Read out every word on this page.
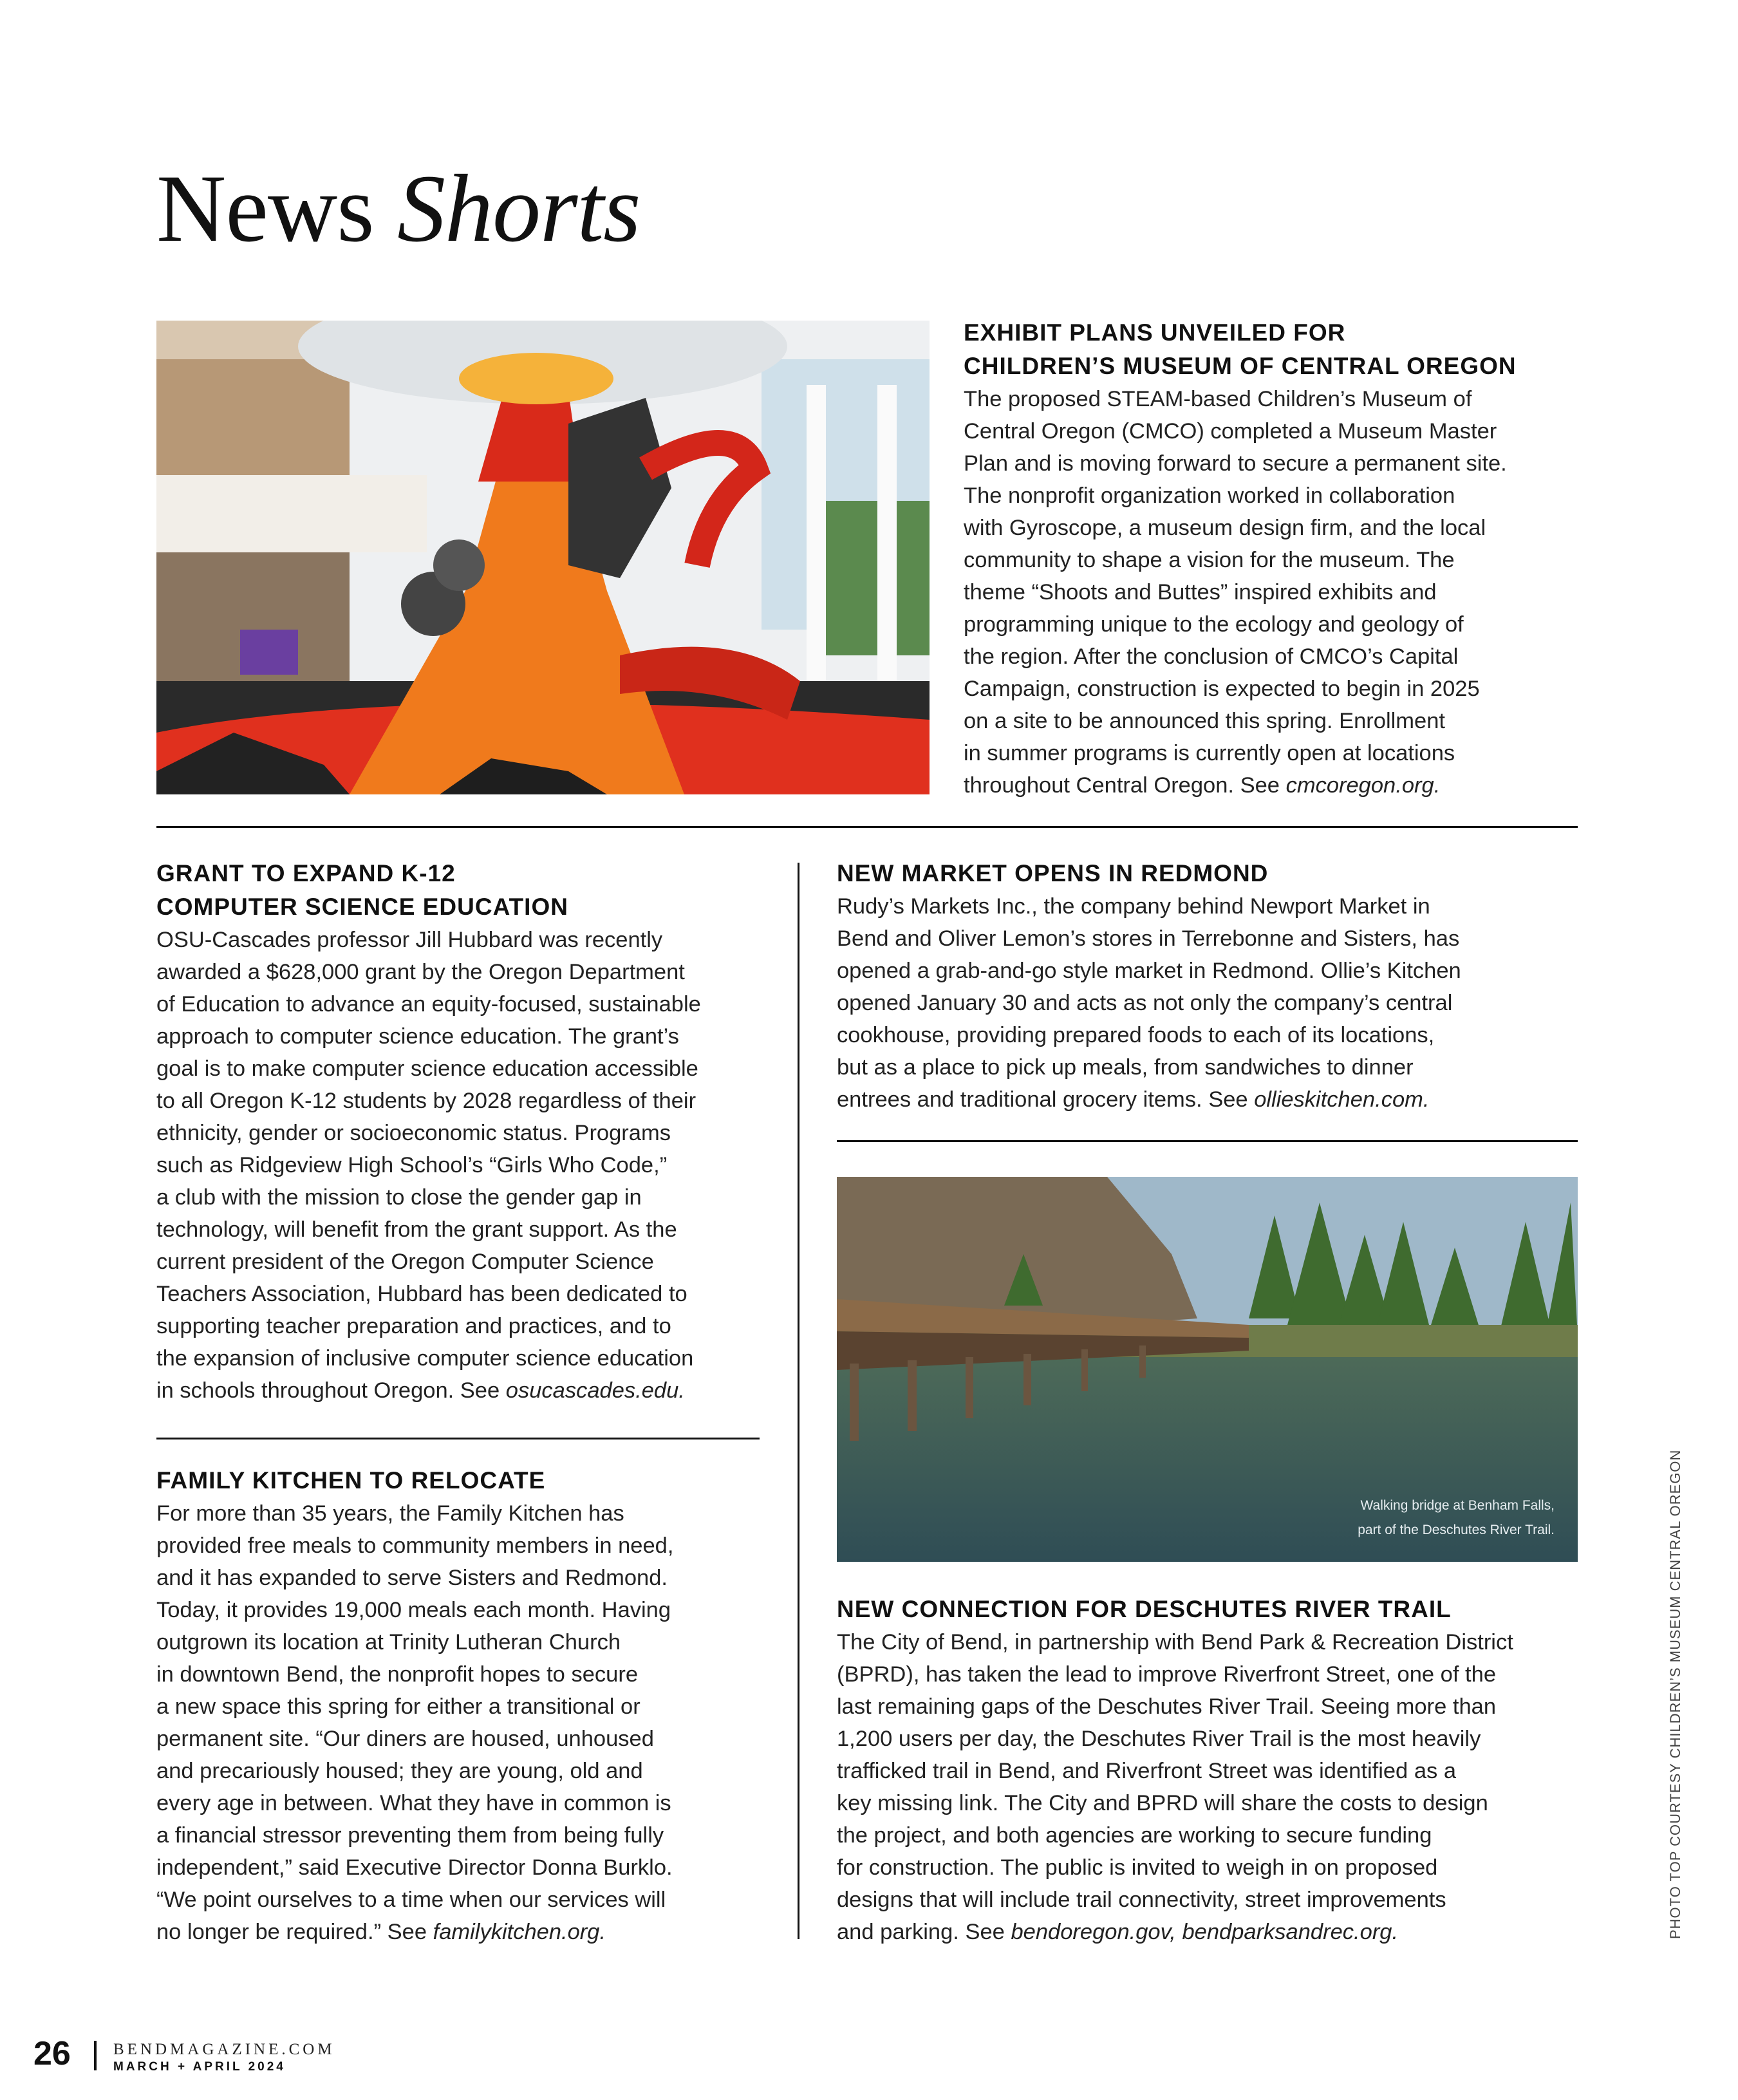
News Shorts
EXHIBIT PLANS UNVEILED FOR
CHILDREN’S MUSEUM OF CENTRAL OREGON
The proposed STEAM-based Children’s Museum of
Central Oregon (CMCO) completed a Museum Master
Plan and is moving forward to secure a permanent site.
The nonprofit organization worked in collaboration
with Gyroscope, a museum design firm, and the local
community to shape a vision for the museum. The
theme “Shoots and Buttes” inspired exhibits and
programming unique to the ecology and geology of
the region. After the conclusion of CMCO’s Capital
Campaign, construction is expected to begin in 2025
on a site to be announced this spring. Enrollment
in summer programs is currently open at locations
throughout Central Oregon. See cmcoregon.org.
GRANT TO EXPAND K-12
COMPUTER SCIENCE EDUCATION
OSU-Cascades professor Jill Hubbard was recently
awarded a $628,000 grant by the Oregon Department
of Education to advance an equity-focused, sustainable
approach to computer science education. The grant’s
goal is to make computer science education accessible
to all Oregon K-12 students by 2028 regardless of their
ethnicity, gender or socioeconomic status. Programs
such as Ridgeview High School’s “Girls Who Code,”
a club with the mission to close the gender gap in
technology, will benefit from the grant support. As the
current president of the Oregon Computer Science
Teachers Association, Hubbard has been dedicated to
supporting teacher preparation and practices, and to
the expansion of inclusive computer science education
in schools throughout Oregon. See osucascades.edu.
FAMILY KITCHEN TO RELOCATE
For more than 35 years, the Family Kitchen has
provided free meals to community members in need,
and it has expanded to serve Sisters and Redmond.
Today, it provides 19,000 meals each month. Having
outgrown its location at Trinity Lutheran Church
in downtown Bend, the nonprofit hopes to secure
a new space this spring for either a transitional or
permanent site. “Our diners are housed, unhoused
and precariously housed; they are young, old and
every age in between. What they have in common is
a financial stressor preventing them from being fully
independent,” said Executive Director Donna Burklo.
“We point ourselves to a time when our services will
no longer be required.” See familykitchen.org.
NEW MARKET OPENS IN REDMOND
Rudy’s Markets Inc., the company behind Newport Market in
Bend and Oliver Lemon’s stores in Terrebonne and Sisters, has
opened a grab-and-go style market in Redmond. Ollie’s Kitchen
opened January 30 and acts as not only the company’s central
cookhouse, providing prepared foods to each of its locations,
but as a place to pick up meals, from sandwiches to dinner
entrees and traditional grocery items. See ollieskitchen.com.
Walking bridge at Benham Falls,
part of the Deschutes River Trail.
NEW CONNECTION FOR DESCHUTES RIVER TRAIL
The City of Bend, in partnership with Bend Park & Recreation District
(BPRD), has taken the lead to improve Riverfront Street, one of the
last remaining gaps of the Deschutes River Trail. Seeing more than
1,200 users per day, the Deschutes River Trail is the most heavily
trafficked trail in Bend, and Riverfront Street was identified as a
key missing link. The City and BPRD will share the costs to design
the project, and both agencies are working to secure funding
for construction. The public is invited to weigh in on proposed
designs that will include trail connectivity, street improvements
and parking. See bendoregon.gov, bendparksandrec.org.	PHOTO TOP COURTESY CHILDREN’S MUSEUM CENTRAL OREGON
26	BENDMAGAZINE.COM
MARCH + APRIL 2024
